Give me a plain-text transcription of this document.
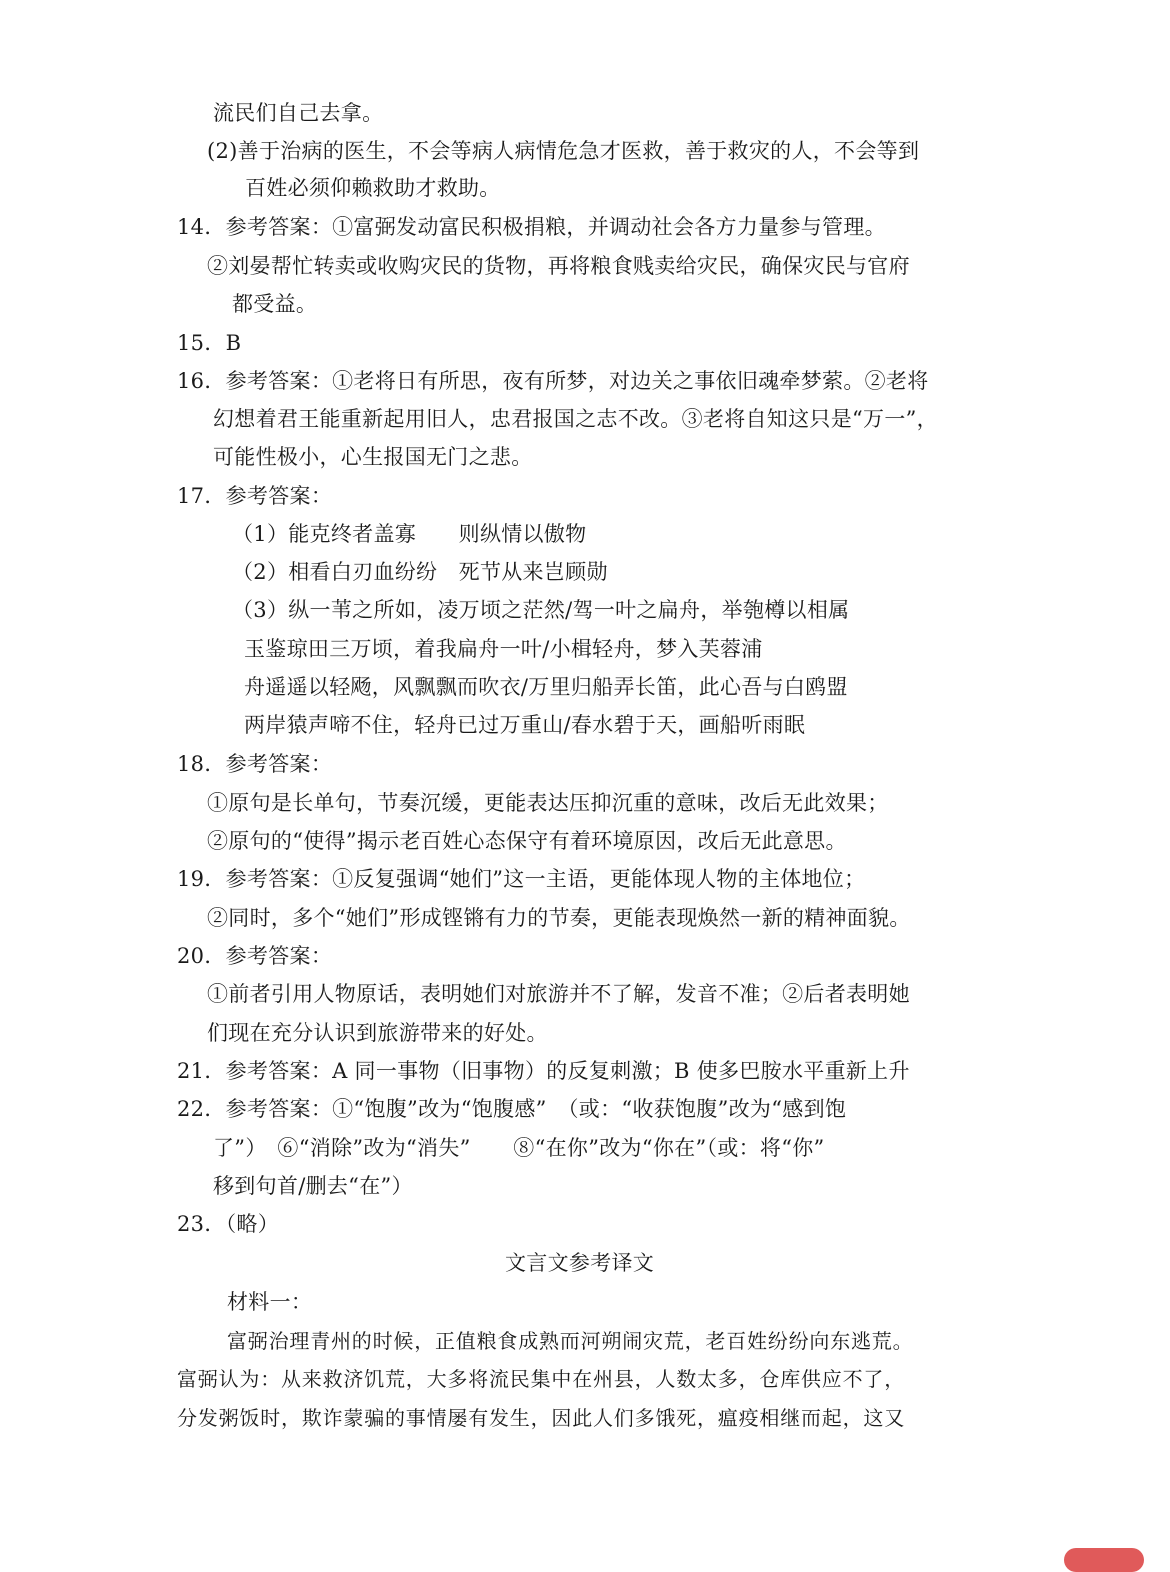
流民们自己去拿。
(2)善于治病的医生，不会等病人病情危急才医救，善于救灾的人，不会等到
百姓必须仰赖救助才救助。
14．参考答案：①富弼发动富民积极捐粮，并调动社会各方力量参与管理。
②刘晏帮忙转卖或收购灾民的货物，再将粮食贱卖给灾民，确保灾民与官府
都受益。
15．B
16．参考答案：①老将日有所思，夜有所梦，对边关之事依旧魂牵梦萦。②老将
幻想着君王能重新起用旧人，忠君报国之志不改。③老将自知这只是“万一”，
可能性极小，心生报国无门之悲。
17．参考答案：
（1）能克终者盖寡　　则纵情以傲物
（2）相看白刃血纷纷　死节从来岂顾勋
（3）纵一苇之所如，凌万顷之茫然/驾一叶之扁舟，举匏樽以相属
玉鉴琼田三万顷，着我扁舟一叶/小楫轻舟，梦入芙蓉浦
舟遥遥以轻飏，风飘飘而吹衣/万里归船弄长笛，此心吾与白鸥盟
两岸猿声啼不住，轻舟已过万重山/春水碧于天，画船听雨眠
18．参考答案：
①原句是长单句，节奏沉缓，更能表达压抑沉重的意味，改后无此效果；
②原句的“使得”揭示老百姓心态保守有着环境原因，改后无此意思。
19．参考答案：①反复强调“她们”这一主语，更能体现人物的主体地位；
②同时，多个“她们”形成铿锵有力的节奏，更能表现焕然一新的精神面貌。
20．参考答案：
①前者引用人物原话，表明她们对旅游并不了解，发音不准；②后者表明她
们现在充分认识到旅游带来的好处。
21．参考答案：A 同一事物（旧事物）的反复刺激；B 使多巴胺水平重新上升
22．参考答案：①“饱腹”改为“饱腹感”　（或：“收获饱腹”改为“感到饱
了”）　⑥“消除”改为“消失”　　⑧“在你”改为“你在”（或：将“你”
移到句首/删去“在”）
23．（略）
文言文参考译文
材料一：
富弼治理青州的时候，正值粮食成熟而河朔闹灾荒，老百姓纷纷向东逃荒。
富弼认为：从来救济饥荒，大多将流民集中在州县，人数太多，仓库供应不了，
分发粥饭时，欺诈蒙骗的事情屡有发生，因此人们多饿死，瘟疫相继而起，这又
